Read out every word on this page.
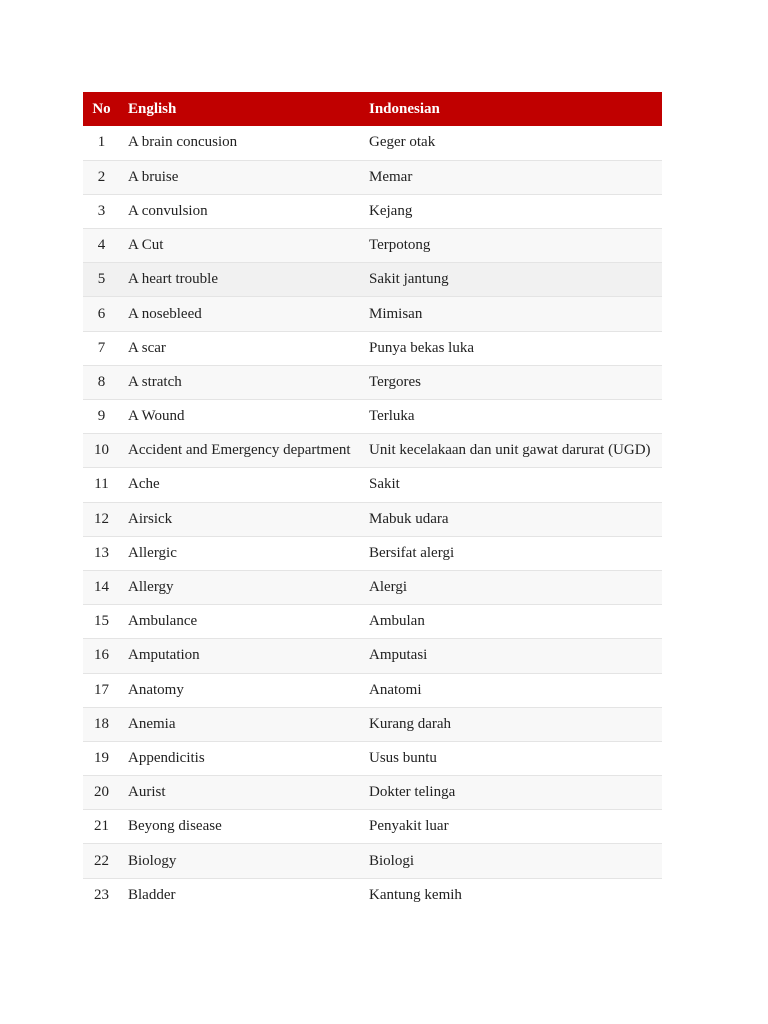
No	English	Indonesian
1	A brain concusion	Geger otak
2	A bruise	Memar
3	A convulsion	Kejang
4	A Cut	Terpotong
5	A heart trouble	Sakit jantung
6	A nosebleed	Mimisan
7	A scar	Punya bekas luka
8	A stratch	Tergores
9	A Wound	Terluka
10	Accident and Emergency department	Unit kecelakaan dan unit gawat darurat (UGD)
11	Ache	Sakit
12	Airsick	Mabuk udara
13	Allergic	Bersifat alergi
14	Allergy	Alergi
15	Ambulance	Ambulan
16	Amputation	Amputasi
17	Anatomy	Anatomi
18	Anemia	Kurang darah
19	Appendicitis	Usus buntu
20	Aurist	Dokter telinga
21	Beyong disease	Penyakit luar
22	Biology	Biologi
23	Bladder	Kantung kemih
